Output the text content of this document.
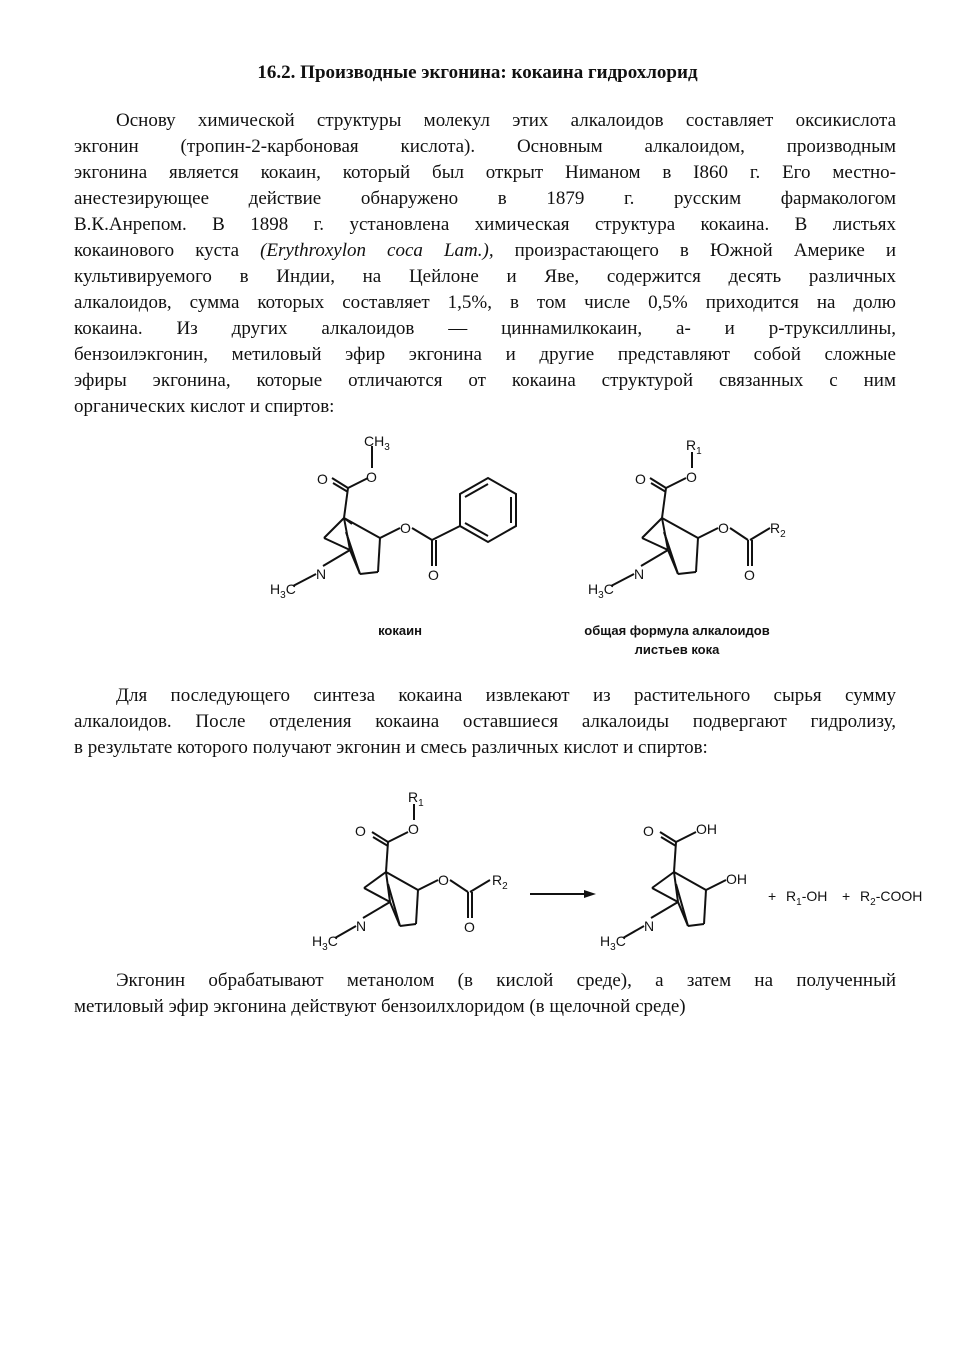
16.2. Производные экгонина: кокаина гидрохлорид
Основу химической структуры молекул этих алкалоидов составляет оксикислота
экгонин (тропин-2-карбоновая кислота). Основным алкалоидом, производным
экгонина является кокаин, который был открыт Ниманом в I860 г. Его местно-
анестезирующее действие обнаружено в 1879 г. русским фармакологом
В.К.Анрепом. В 1898 г. установлена химическая структура кокаина. В листьях
кокаинового куста (Erythroxylon coca Lam.), произрастающего в Южной Америке и
культивируемого в Индии, на Цейлоне и Яве, содержится десять различных
алкалоидов, сумма которых составляет 1,5%, в том числе 0,5% приходится на долю
кокаина. Из других алкалоидов — циннамилкокаин, а- и р-труксиллины,
бензоилэкгонин, метиловый эфир экгонина и другие представляют собой сложные
эфиры экгонина, которые отличаются от кокаина структурой связанных с ним
органических кислот и спиртов:
$CH_3$
O	O
O
O
N
$H_3C$
кокаин
$R_1$
O	O
O
O
$R_2$
N
$H_3C$
общая формула алкалоидов
листьев кока
Для последующего синтеза кокаина извлекают из растительного сырья сумму
алкалоидов. После отделения кокаина оставшиеся алкалоиды подвергают гидролизу,
в результате которого получают экгонин и смесь различных кислот и спиртов:
$R_1$
O	O
O
O
$R_2$
N
$H_3C$
O	OH
OH
N
$H_3C$
+ $R_1-OH$ + $R_2$-COOH
Экгонин обрабатывают метанолом (в кислой среде), а затем на полученный
метиловый эфир экгонина действуют бензоилхлоридом (в щелочной среде)
